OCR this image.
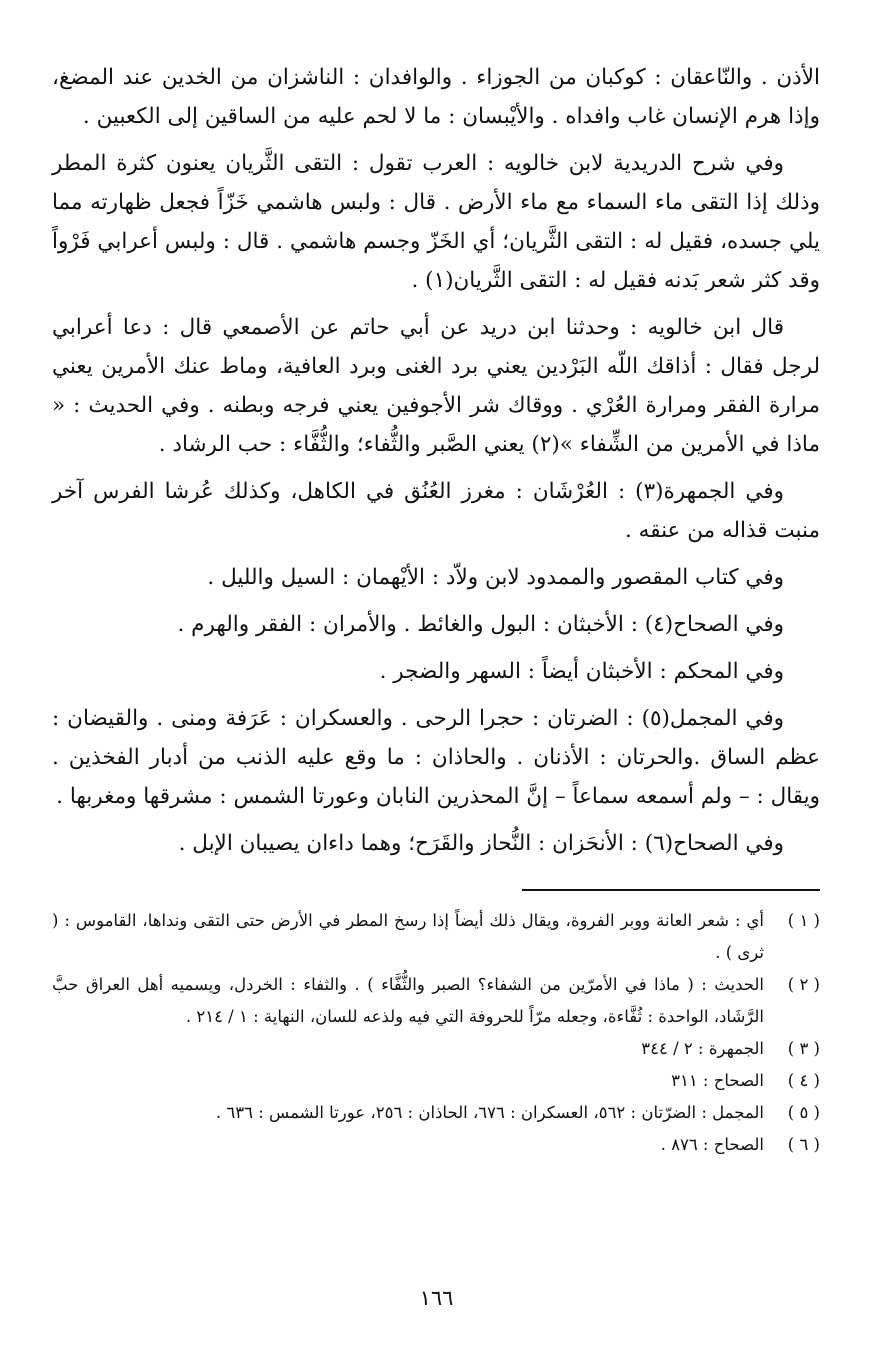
الأذن . والنّاعقان : كوكبان من الجوزاء . والوافدان : الناشزان من الخدين عند المضغ، وإذا هرم الإنسان غاب وافداه . والأيْبسان : ما لا لحم عليه من الساقين إلى الكعبين .

وفي شرح الدريدية لابن خالويه : العرب تقول : التقى الثَّريان يعنون كثرة المطر وذلك إذا التقى ماء السماء مع ماء الأرض . قال : ولبس هاشمي خَزّاً فجعل ظهارته مما يلي جسده، فقيل له : التقى الثَّريان؛ أي الخَزّ وجسم هاشمي . قال : ولبس أعرابي فَرْواً وقد كثر شعر بَدنه فقيل له : التقى الثَّريان(١) .

قال ابن خالويه : وحدثنا ابن دريد عن أبي حاتم عن الأصمعي قال : دعا أعرابي لرجل فقال : أذاقك اللّه البَرْدين يعني برد الغنى وبرد العافية، وماط عنك الأمرين يعني مرارة الفقر ومرارة العُرْي . ووقاك شر الأجوفين يعني فرجه وبطنه . وفي الحديث : « ماذا في الأمرين من الشِّفاء »(٢) يعني الصَّبر والثُّفاء؛ والثُّفَّاء : حب الرشاد .

وفي الجمهرة(٣) : العُرْشَان : مغرز العُنُق في الكاهل، وكذلك عُرشا الفرس آخر منبت قذاله من عنقه .

وفي كتاب المقصور والممدود لابن ولاّد : الأيْهمان : السيل والليل .

وفي الصحاح(٤) : الأخبثان : البول والغائط . والأمران : الفقر والهرم .

وفي المحكم : الأخبثان أيضاً : السهر والضجر .

وفي المجمل(٥) : الضرتان : حجرا الرحى . والعسكران : عَرَفة ومنى . والقيضان : عظم الساق .والحرتان : الأذنان . والحاذان : ما وقع عليه الذنب من أدبار الفخذين . ويقال : – ولم أسمعه سماعاً – إنَّ المحذرين النابان وعورتا الشمس : مشرقها ومغربها .

وفي الصحاح(٦) : الأنحَزان : النُّحاز والقَرَح؛ وهما داءان يصيبان الإبل .

( ١ )
أي : شعر العانة ووبر الفروة، ويقال ذلك أيضاً إذا رسخ المطر في الأرض حتى التقى ونداها، القاموس : ( ثرى ) .
( ٢ )
الحديث : ( ماذا في الأمرّين من الشفاء؟ الصبر والثُّفَّاء ) . والثفاء : الخردل، ويسميه أهل العراق حبَّ الرَّشَاد، الواحدة : ثُفَّاءة، وجعله مرّاً للحروفة التي فيه ولذعه للسان، النهاية : ١ / ٢١٤ .
( ٣ )
الجمهرة : ٢ / ٣٤٤
( ٤ )
الصحاح : ٣١١
( ٥ )
المجمل : الضرّتان : ٥٦٢، العسكران : ٦٧٦، الحاذان : ٢٥٦، عورتا الشمس : ٦٣٦ .
( ٦ )
الصحاح : ٨٧٦ .
١٦٦
